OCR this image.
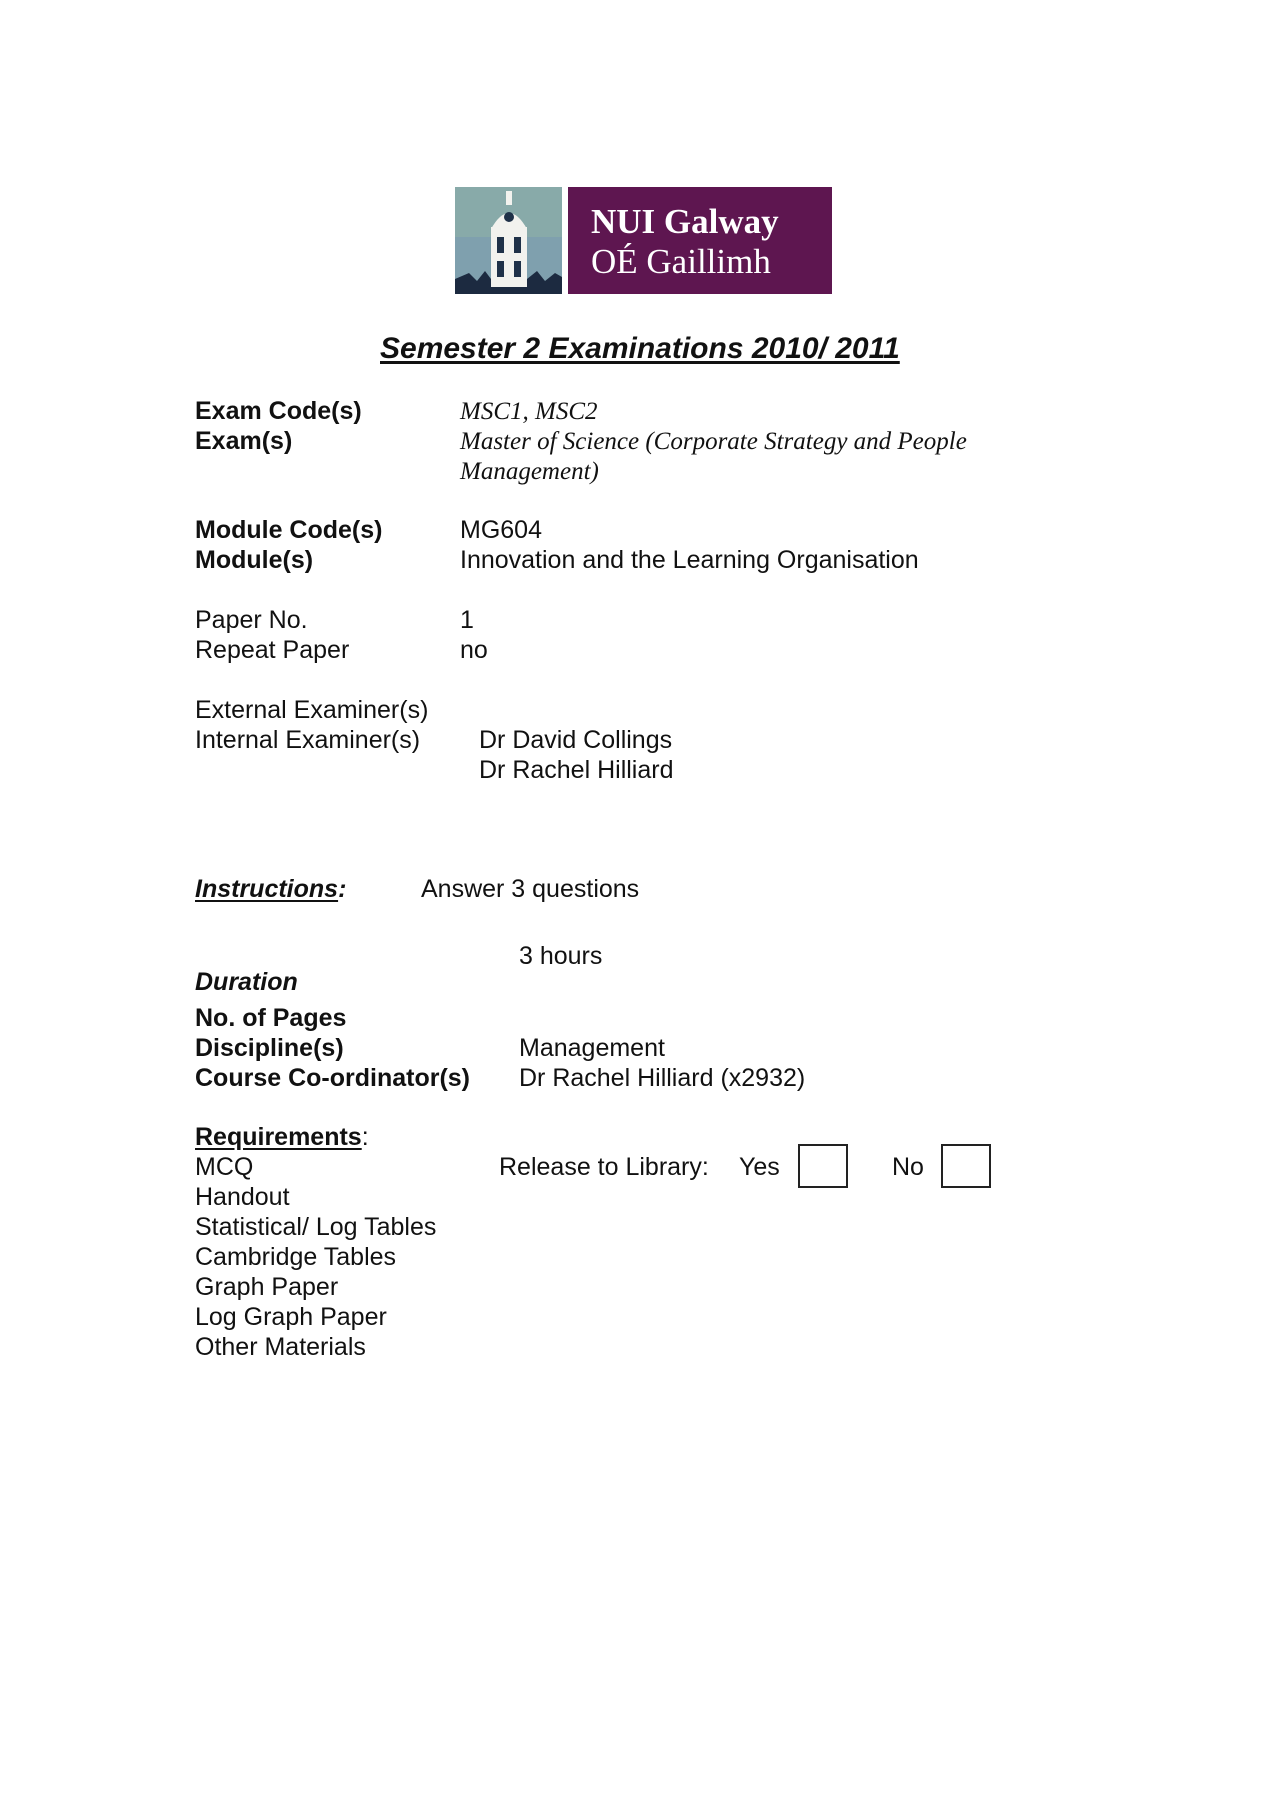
NUI Galway
OÉ Gaillimh
Semester 2 Examinations 2010/ 2011
Exam Code(s)	MSC1, MSC2
Exam(s)	Master of Science (Corporate Strategy and People
Management)
Module Code(s)	MG604
Module(s)	Innovation and the Learning Organisation
Paper No.	1
Repeat Paper	no
External Examiner(s)
Internal Examiner(s) Dr David Collings
Dr Rachel Hilliard
Instructions:	Answer 3 questions
3 hours
Duration
No. of Pages
Discipline(s)	Management
Course Co-ordinator(s) Dr Rachel Hilliard (x2932)
Requirements:
MCQ
Handout
Statistical/ Log Tables
Cambridge Tables
Graph Paper
Log Graph Paper
Other Materials
Release to Library: Yes	No
